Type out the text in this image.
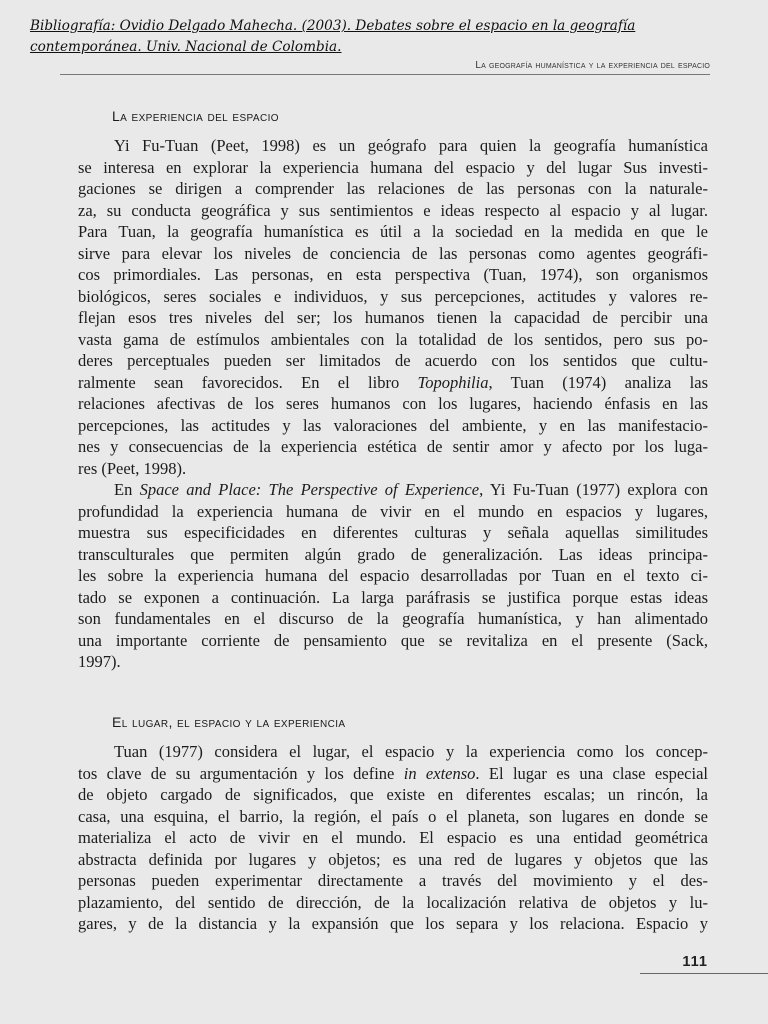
Bibliografía: Ovidio Delgado Mahecha. (2003). Debates sobre el espacio en la geografía
contemporánea. Univ. Nacional de Colombia.
La geografía humanística y la experiencia del espacio
La experiencia del espacio

Yi Fu-Tuan (Peet, 1998) es un geógrafo para quien la geografía humanística
se interesa en explorar la experiencia humana del espacio y del lugar Sus investi-
gaciones se dirigen a comprender las relaciones de las personas con la naturale-
za, su conducta geográfica y sus sentimientos e ideas respecto al espacio y al lugar.
Para Tuan, la geografía humanística es útil a la sociedad en la medida en que le
sirve para elevar los niveles de conciencia de las personas como agentes geográfi-
cos primordiales. Las personas, en esta perspectiva (Tuan, 1974), son organismos
biológicos, seres sociales e individuos, y sus percepciones, actitudes y valores re-
flejan esos tres niveles del ser; los humanos tienen la capacidad de percibir una
vasta gama de estímulos ambientales con la totalidad de los sentidos, pero sus po-
deres perceptuales pueden ser limitados de acuerdo con los sentidos que cultu-
ralmente sean favorecidos. En el libro Topophilia, Tuan (1974) analiza las
relaciones afectivas de los seres humanos con los lugares, haciendo énfasis en las
percepciones, las actitudes y las valoraciones del ambiente, y en las manifestacio-
nes y consecuencias de la experiencia estética de sentir amor y afecto por los luga-
res (Peet, 1998).

En Space and Place: The Perspective of Experience, Yi Fu-Tuan (1977) explora con
profundidad la experiencia humana de vivir en el mundo en espacios y lugares,
muestra sus especificidades en diferentes culturas y señala aquellas similitudes
transculturales que permiten algún grado de generalización. Las ideas principa-
les sobre la experiencia humana del espacio desarrolladas por Tuan en el texto ci-
tado se exponen a continuación. La larga paráfrasis se justifica porque estas ideas
son fundamentales en el discurso de la geografía humanística, y han alimentado
una importante corriente de pensamiento que se revitaliza en el presente (Sack,
1997).

El lugar, el espacio y la experiencia

Tuan (1977) considera el lugar, el espacio y la experiencia como los concep-
tos clave de su argumentación y los define in extenso. El lugar es una clase especial
de objeto cargado de significados, que existe en diferentes escalas; un rincón, la
casa, una esquina, el barrio, la región, el país o el planeta, son lugares en donde se
materializa el acto de vivir en el mundo. El espacio es una entidad geométrica
abstracta definida por lugares y objetos; es una red de lugares y objetos que las
personas pueden experimentar directamente a través del movimiento y el des-
plazamiento, del sentido de dirección, de la localización relativa de objetos y lu-
gares, y de la distancia y la expansión que los separa y los relaciona. Espacio y

111
